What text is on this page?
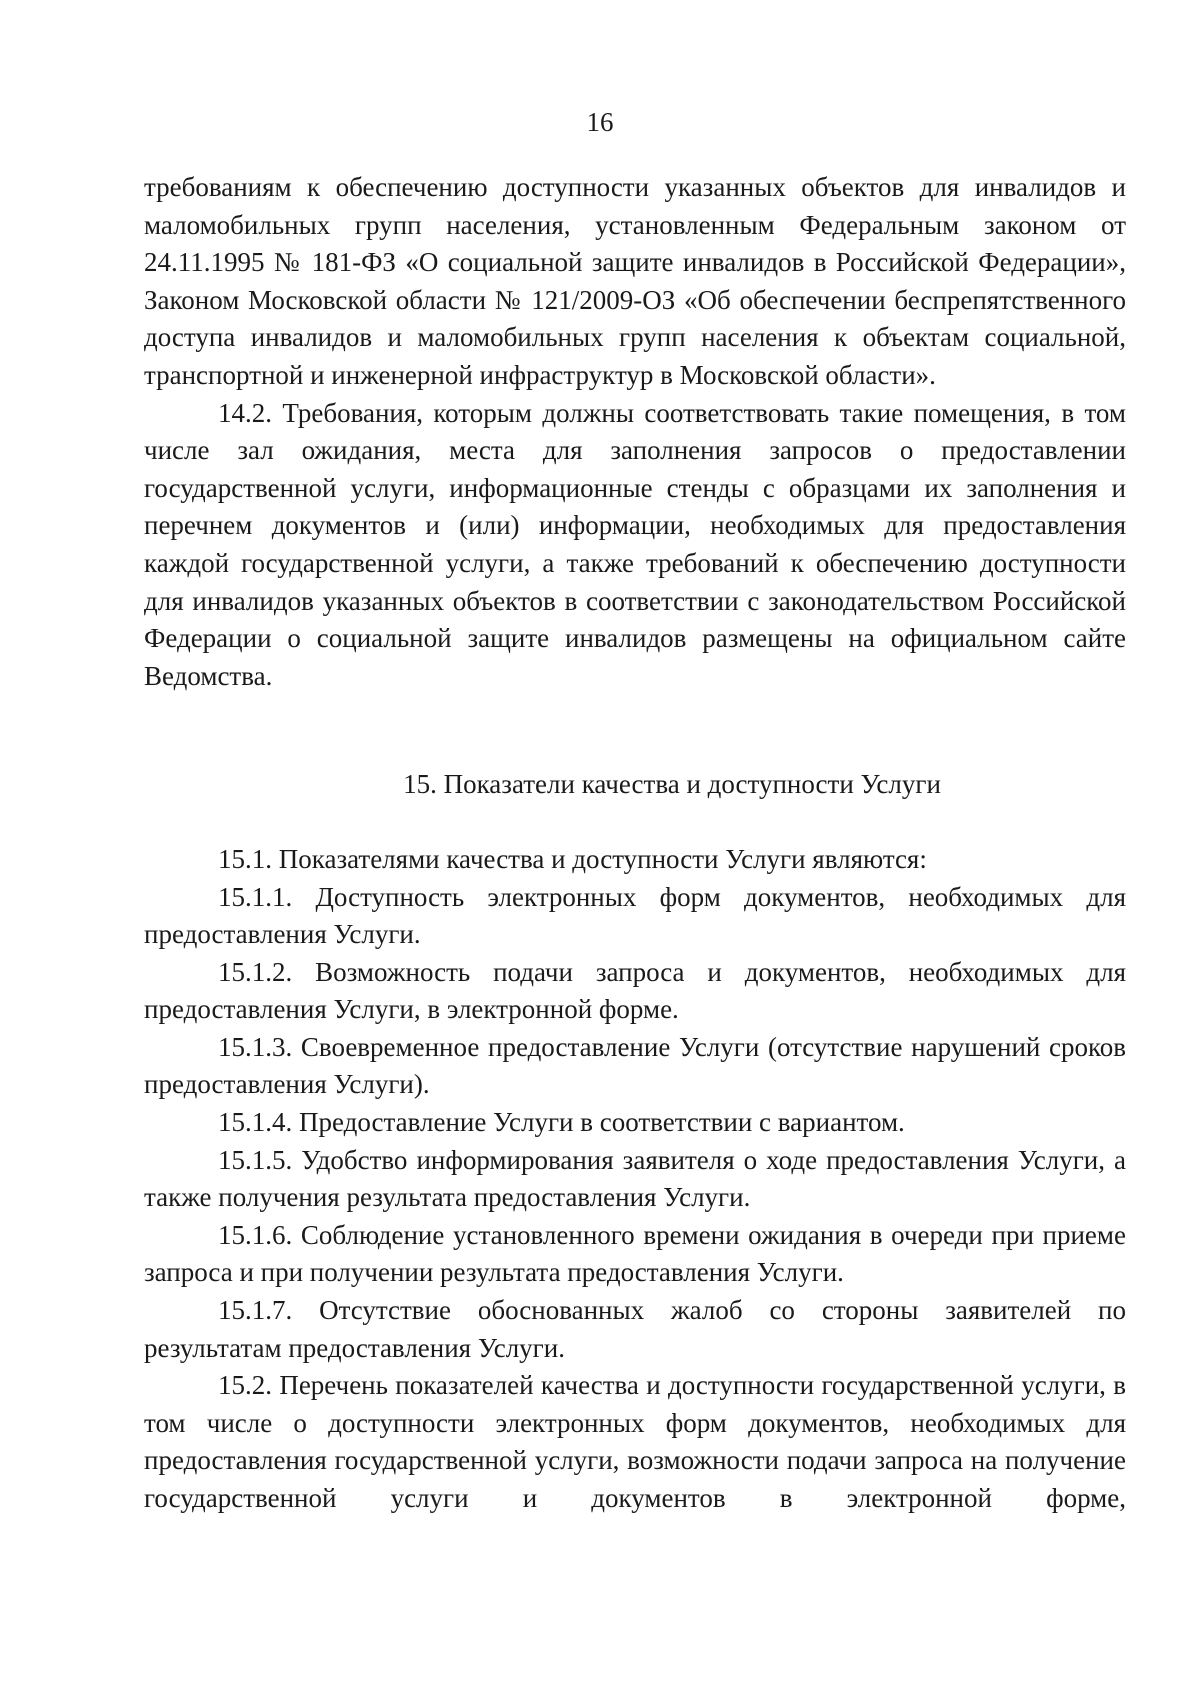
16

требованиям к обеспечению доступности указанных объектов для инвалидов и маломобильных групп населения, установленным Федеральным законом от 24.11.1995 № 181-ФЗ «О социальной защите инвалидов в Российской Федерации», Законом Московской области № 121/2009-ОЗ «Об обеспечении беспрепятственного доступа инвалидов и маломобильных групп населения к объектам социальной, транспортной и инженерной инфраструктур в Московской области».

14.2. Требования, которым должны соответствовать такие помещения, в том числе зал ожидания, места для заполнения запросов о предоставлении государственной услуги, информационные стенды с образцами их заполнения и перечнем документов и (или) информации, необходимых для предоставления каждой государственной услуги, а также требований к обеспечению доступности для инвалидов указанных объектов в соответствии с законодательством Российской Федерации о социальной защите инвалидов размещены на официальном сайте Ведомства.

15. Показатели качества и доступности Услуги

15.1. Показателями качества и доступности Услуги являются:

15.1.1. Доступность электронных форм документов, необходимых для предоставления Услуги.

15.1.2. Возможность подачи запроса и документов, необходимых для предоставления Услуги, в электронной форме.

15.1.3. Своевременное предоставление Услуги (отсутствие нарушений сроков предоставления Услуги).

15.1.4. Предоставление Услуги в соответствии с вариантом.

15.1.5. Удобство информирования заявителя о ходе предоставления Услуги, а также получения результата предоставления Услуги.

15.1.6. Соблюдение установленного времени ожидания в очереди при приеме запроса и при получении результата предоставления Услуги.

15.1.7. Отсутствие обоснованных жалоб со стороны заявителей по результатам предоставления Услуги.

15.2. Перечень показателей качества и доступности государственной услуги, в том числе о доступности электронных форм документов, необходимых для предоставления государственной услуги, возможности подачи запроса на получение государственной услуги и документов в электронной форме,
